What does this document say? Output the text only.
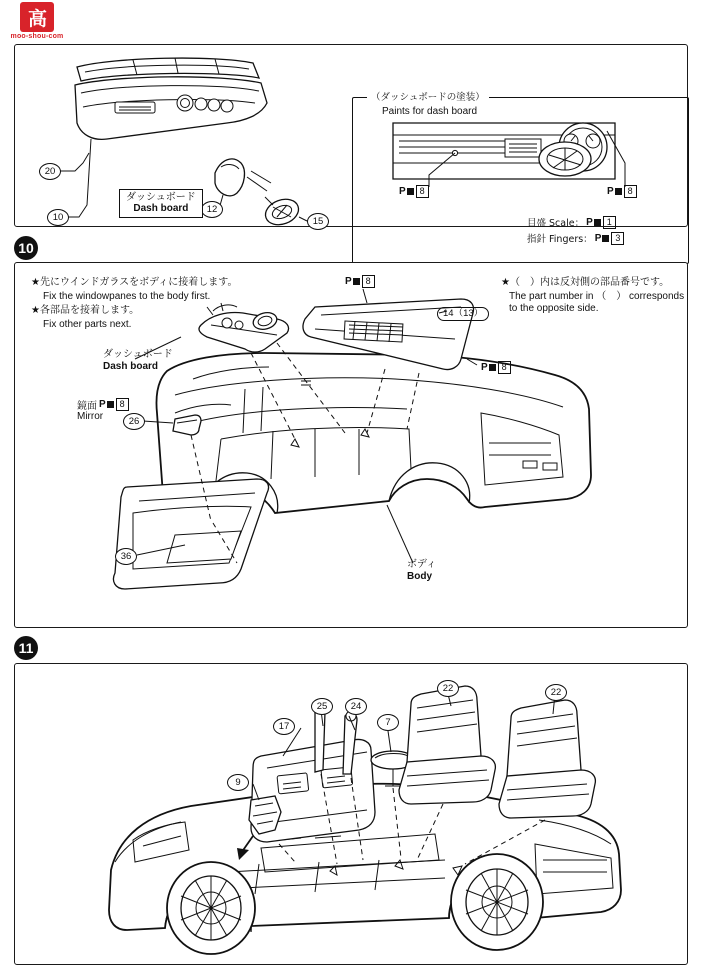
高
moo-shou-com
（ダッシュボードの塗装）
Paints for dash board
20
10
12
15
ダッシュボード
Dash board
P	8	P	8
目盛 Scale： P	1
指針 Fingers： P	3
10
★先にウインドガラスをボディに接着します。
Fix the windowpanes to the body first.
★各部品を接着します。
Fix other parts next.
★（　）内は反対側の部品番号です。
The part number in （　） corresponds
to the opposite side.
P	8
P	8
14（13）
ダッシュボード
Dash board
鏡面 P	8
Mirror	26
36
ボディ
Body
11
25	24
17	7
22	22
9
